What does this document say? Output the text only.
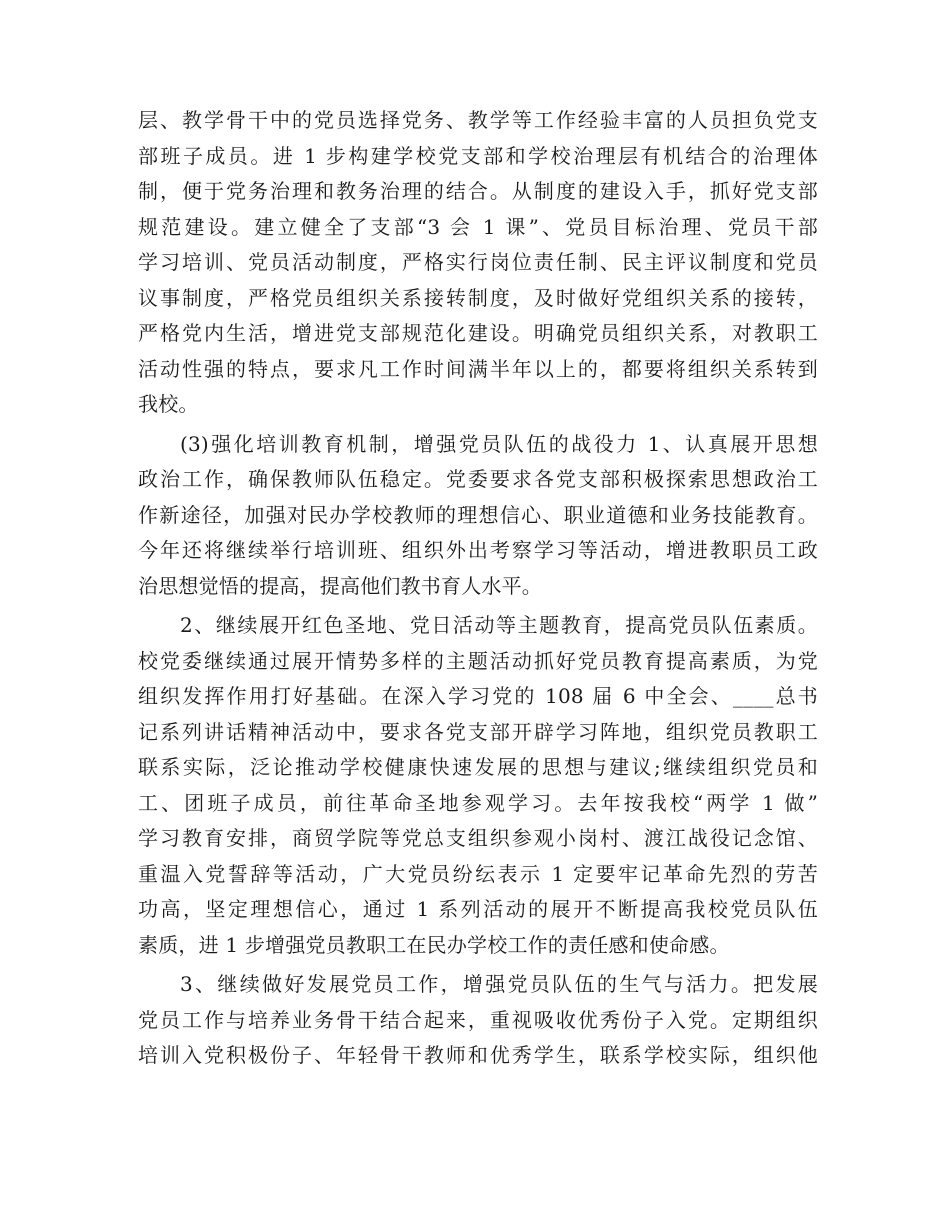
层、教学骨干中的党员选择党务、教学等工作经验丰富的人员担负党支
部班子成员。进 1 步构建学校党支部和学校治理层有机结合的治理体
制，便于党务治理和教务治理的结合。从制度的建设入手，抓好党支部
规范建设。建立健全了支部“3 会 1 课”、党员目标治理、党员干部
学习培训、党员活动制度，严格实行岗位责任制、民主评议制度和党员
议事制度，严格党员组织关系接转制度，及时做好党组织关系的接转，
严格党内生活，增进党支部规范化建设。明确党员组织关系，对教职工
活动性强的特点，要求凡工作时间满半年以上的，都要将组织关系转到
我校。
(3)强化培训教育机制，增强党员队伍的战役力 1、认真展开思想
政治工作，确保教师队伍稳定。党委要求各党支部积极探索思想政治工
作新途径，加强对民办学校教师的理想信心、职业道德和业务技能教育。
今年还将继续举行培训班、组织外出考察学习等活动，增进教职员工政
治思想觉悟的提高，提高他们教书育人水平。
2、继续展开红色圣地、党日活动等主题教育，提高党员队伍素质。
校党委继续通过展开情势多样的主题活动抓好党员教育提高素质，为党
组织发挥作用打好基础。在深入学习党的 108 届 6 中全会、____总书
记系列讲话精神活动中，要求各党支部开辟学习阵地，组织党员教职工
联系实际，泛论推动学校健康快速发展的思想与建议;继续组织党员和
工、团班子成员，前往革命圣地参观学习。去年按我校“两学 1 做”
学习教育安排，商贸学院等党总支组织参观小岗村、渡江战役记念馆、
重温入党誓辞等活动，广大党员纷纭表示 1 定要牢记革命先烈的劳苦
功高，坚定理想信心，通过 1 系列活动的展开不断提高我校党员队伍
素质，进 1 步增强党员教职工在民办学校工作的责任感和使命感。
3、继续做好发展党员工作，增强党员队伍的生气与活力。把发展
党员工作与培养业务骨干结合起来，重视吸收优秀份子入党。定期组织
培训入党积极份子、年轻骨干教师和优秀学生，联系学校实际，组织他
